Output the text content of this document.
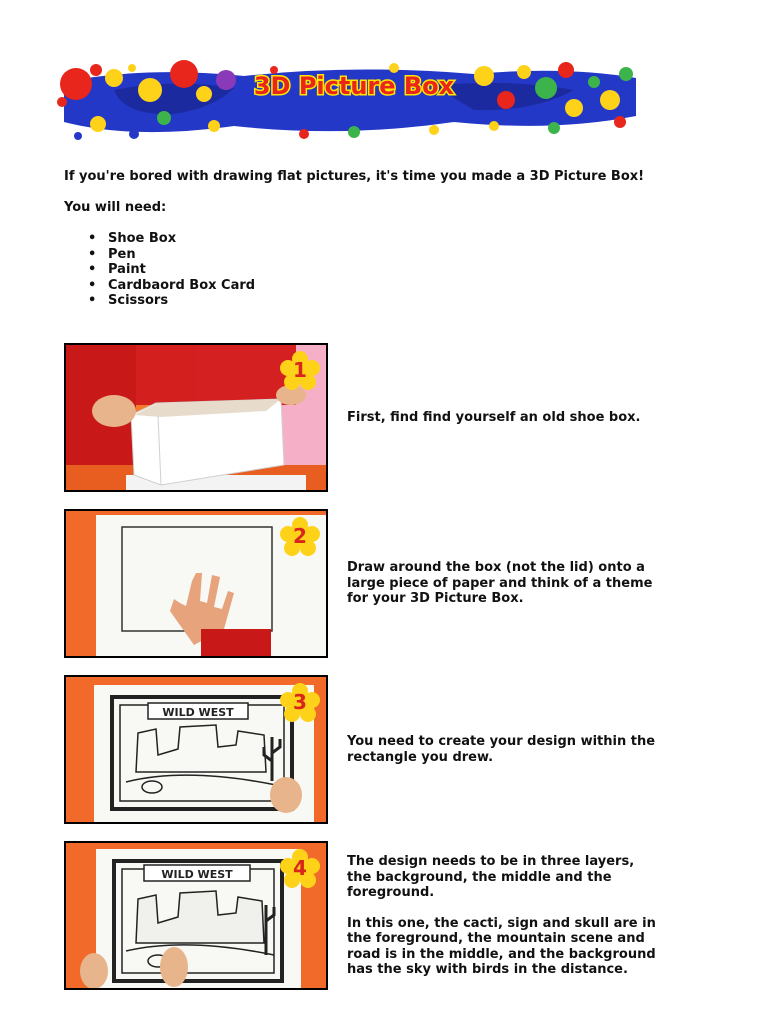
3D Picture Box
If you're bored with drawing flat pictures, it's time you made a 3D Picture Box!
You will need:
• Shoe Box
• Pen
• Paint
• Cardbaord Box Card
• Scissors
1

First, find find yourself an old shoe box.

2

Draw around the box (not the lid) onto a large piece of paper and think of a theme for your 3D Picture Box.

WILD WEST	3

You need to create your design within the rectangle you drew.

WILD WEST	4	The design needs to be in three layers, the background, the middle and the foreground.

In this one, the cacti, sign and skull are in the foreground, the mountain scene and road is in the middle, and the background has the sky with birds in the distance.
